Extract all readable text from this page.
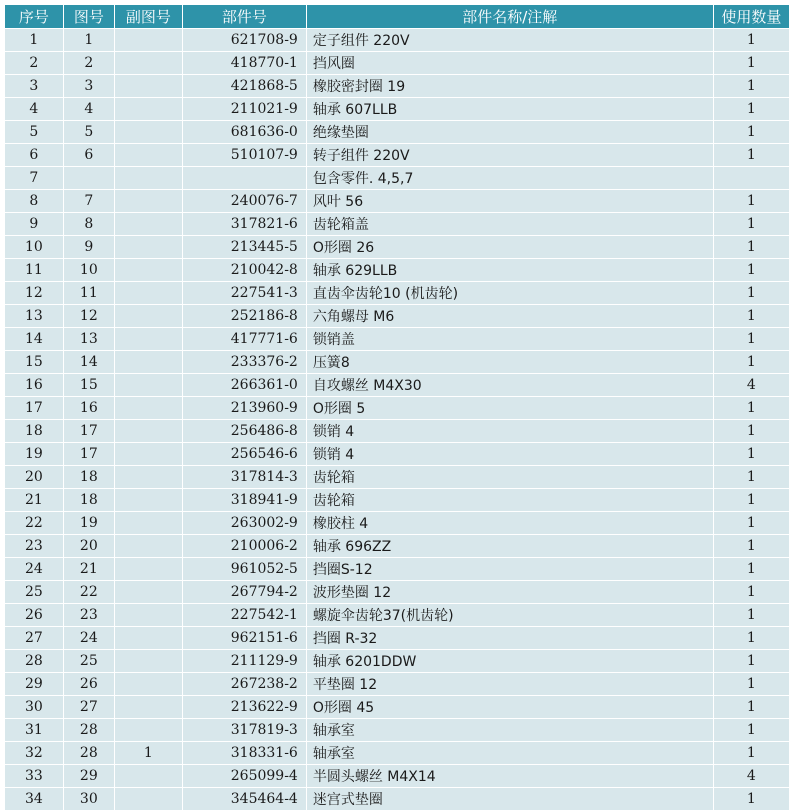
序号	图号	副图号	部件号	部件名称/注解	使用数量
1	1		621708-9	定子组件 220V	1
2	2		418770-1	挡风圈	1
3	3		421868-5	橡胶密封圈 19	1
4	4		211021-9	轴承 607LLB	1
5	5		681636-0	绝缘垫圈	1
6	6		510107-9	转子组件 220V	1
7				包含零件. 4,5,7	
8	7		240076-7	风叶 56	1
9	8		317821-6	齿轮箱盖	1
10	9		213445-5	O形圈 26	1
11	10		210042-8	轴承 629LLB	1
12	11		227541-3	直齿伞齿轮10 (机齿轮)	1
13	12		252186-8	六角螺母 M6	1
14	13		417771-6	锁销盖	1
15	14		233376-2	压簧8	1
16	15		266361-0	自攻螺丝 M4X30	4
17	16		213960-9	O形圈 5	1
18	17		256486-8	锁销 4	1
19	17		256546-6	锁销 4	1
20	18		317814-3	齿轮箱	1
21	18		318941-9	齿轮箱	1
22	19		263002-9	橡胶柱 4	1
23	20		210006-2	轴承 696ZZ	1
24	21		961052-5	挡圈S-12	1
25	22		267794-2	波形垫圈 12	1
26	23		227542-1	螺旋伞齿轮37(机齿轮)	1
27	24		962151-6	挡圈 R-32	1
28	25		211129-9	轴承 6201DDW	1
29	26		267238-2	平垫圈 12	1
30	27		213622-9	O形圈 45	1
31	28		317819-3	轴承室	1
32	28	1	318331-6	轴承室	1
33	29		265099-4	半圆头螺丝 M4X14	4
34	30		345464-4	迷宫式垫圈	1
